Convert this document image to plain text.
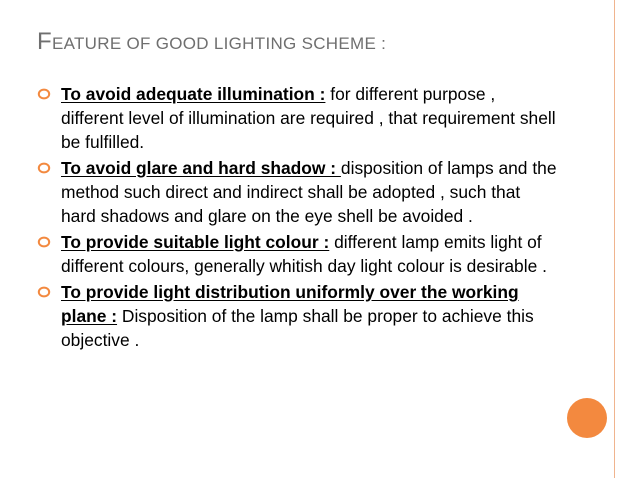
FEATURE OF GOOD LIGHTING SCHEME :
To avoid adequate illumination : for different purpose , different level of illumination are required , that requirement shell be fulfilled.
To avoid glare and hard shadow : disposition of lamps and the method such direct and indirect shall be adopted , such that hard shadows and glare on the eye shell be avoided .
To provide suitable light colour : different lamp emits light of different colours, generally whitish day light colour is desirable .
To provide light distribution uniformly over the working plane : Disposition of the lamp shall be proper to achieve this objective .
